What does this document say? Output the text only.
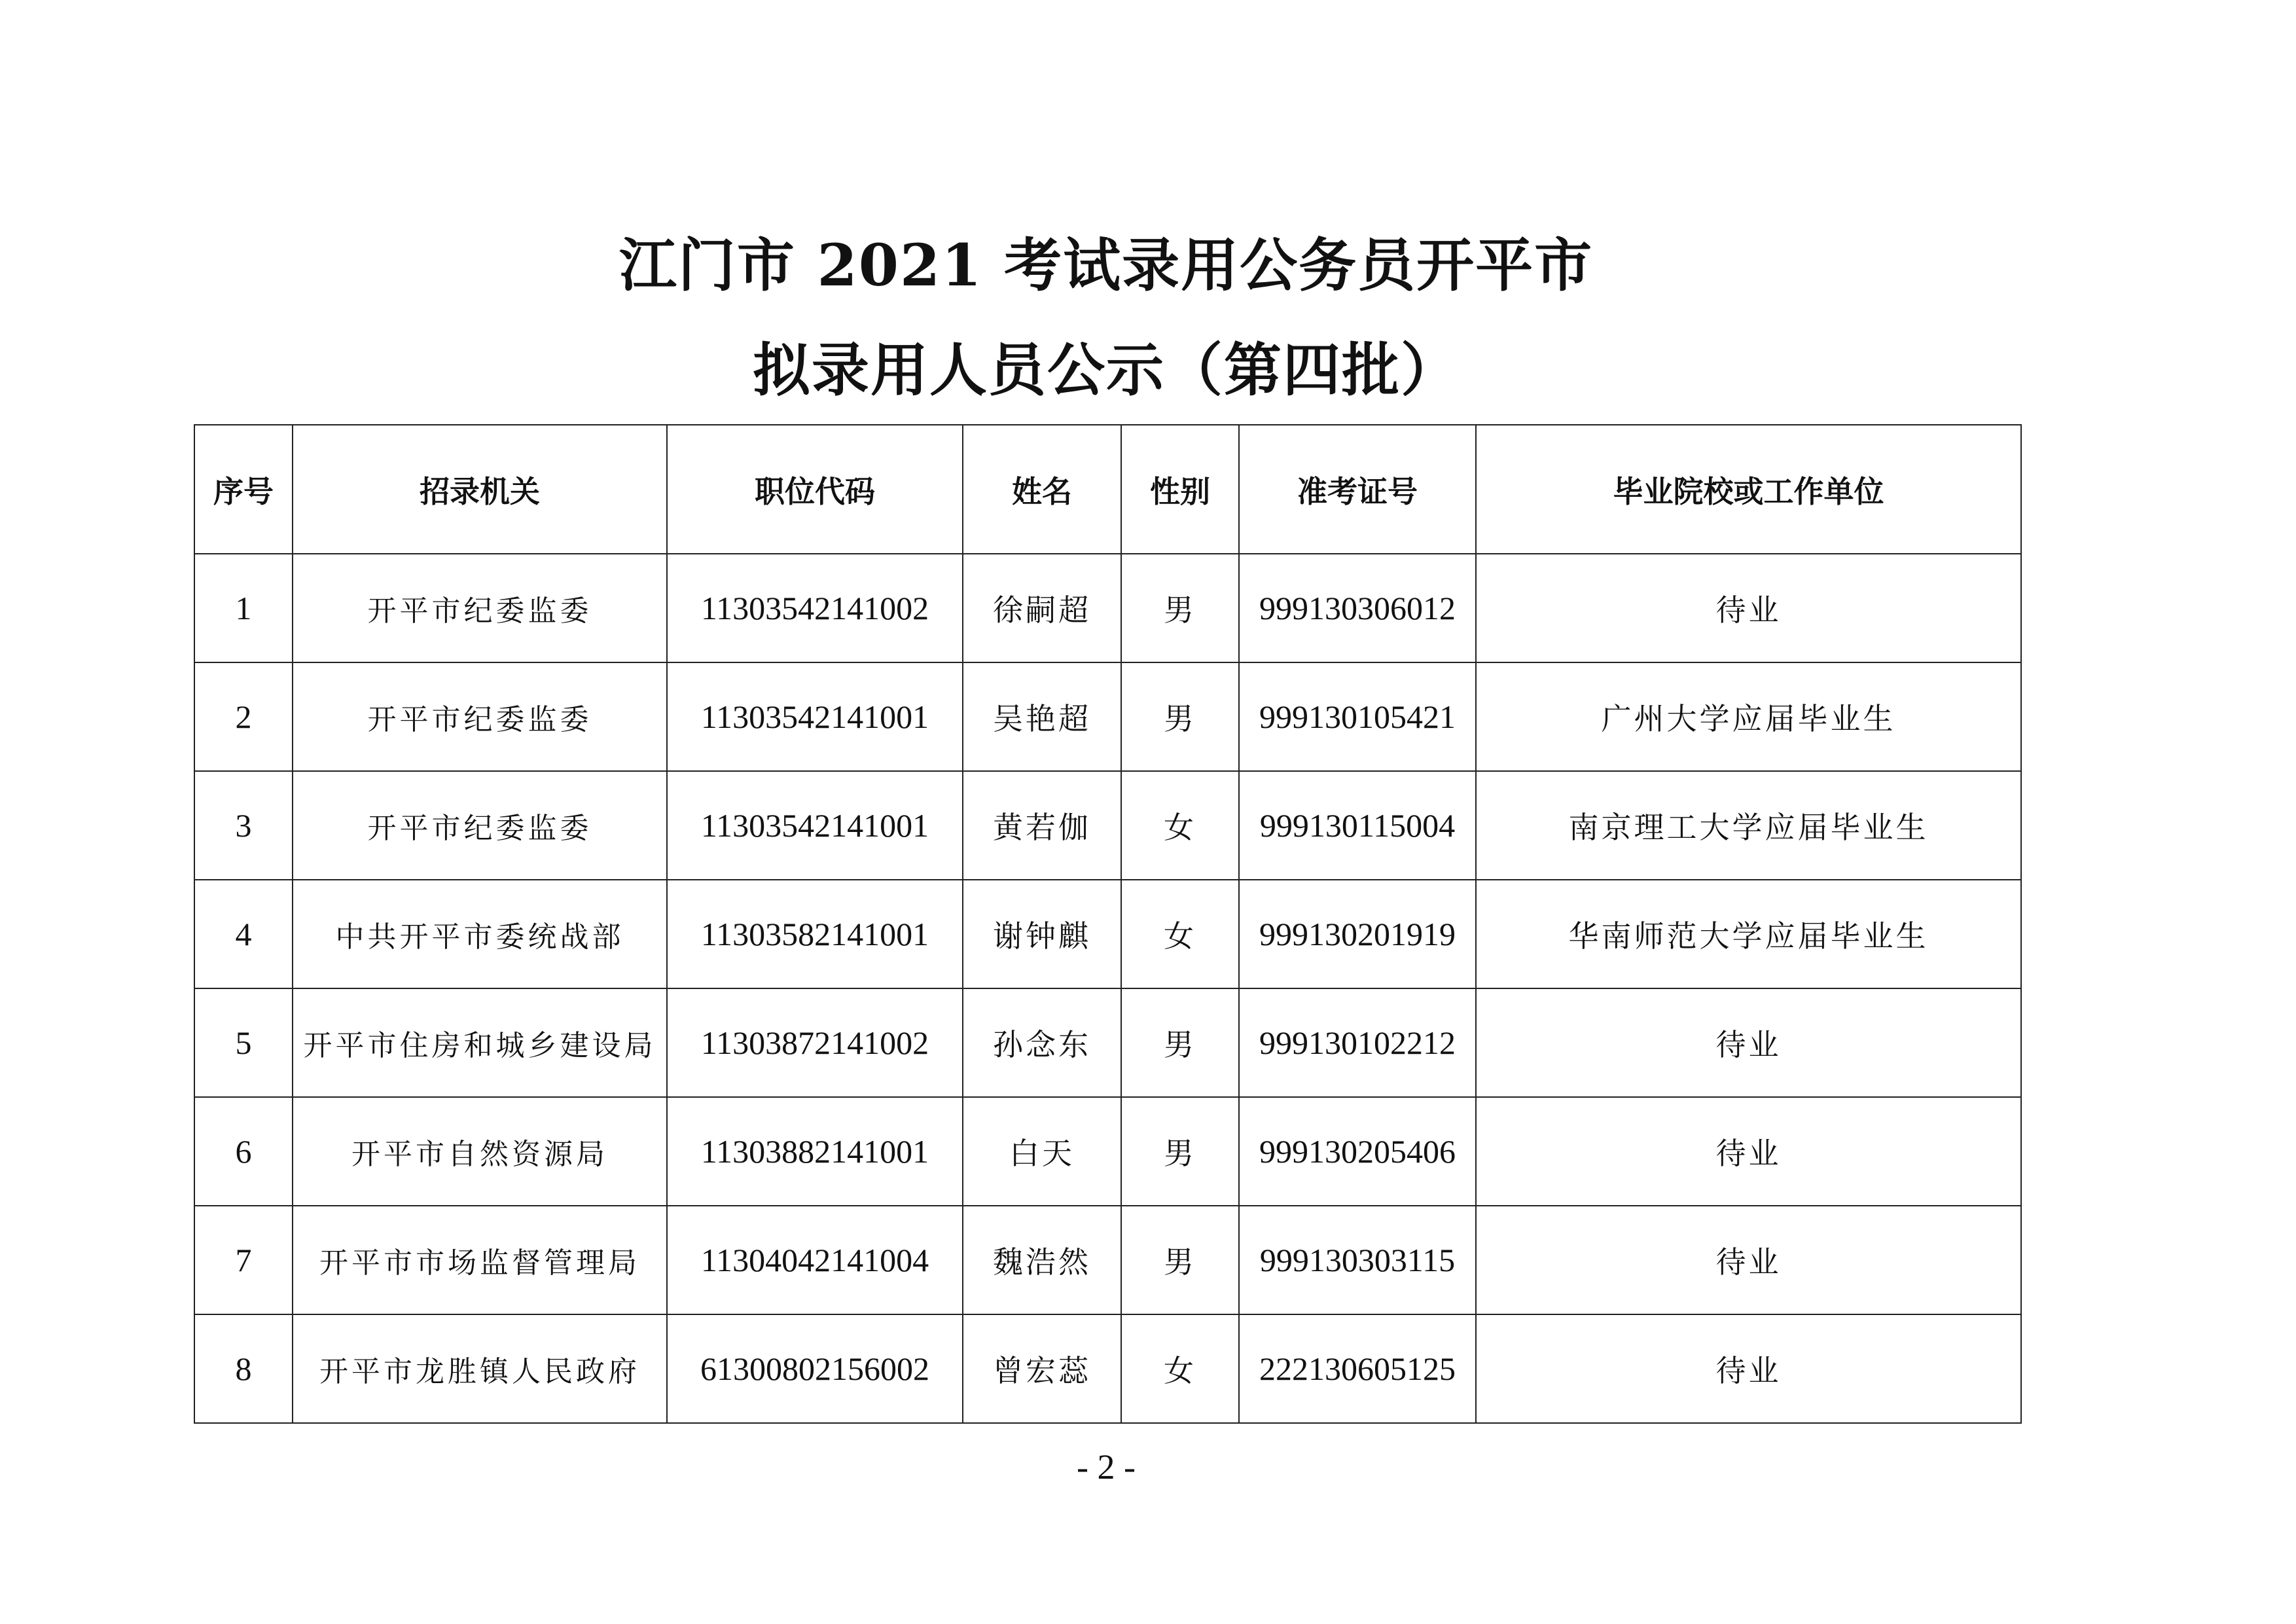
江门市 2021 考试录用公务员开平市

拟录用人员公示（第四批）

序号	招录机关	职位代码	姓名	性别	准考证号	毕业院校或工作单位
1	开平市纪委监委	11303542141002	徐嗣超	男	999130306012	待业
2	开平市纪委监委	11303542141001	吴艳超	男	999130105421	广州大学应届毕业生
3	开平市纪委监委	11303542141001	黄若伽	女	999130115004	南京理工大学应届毕业生
4	中共开平市委统战部	11303582141001	谢钟麒	女	999130201919	华南师范大学应届毕业生
5	开平市住房和城乡建设局	11303872141002	孙念东	男	999130102212	待业
6	开平市自然资源局	11303882141001	白天	男	999130205406	待业
7	开平市市场监督管理局	11304042141004	魏浩然	男	999130303115	待业
8	开平市龙胜镇人民政府	61300802156002	曾宏蕊	女	222130605125	待业
- 2 -
